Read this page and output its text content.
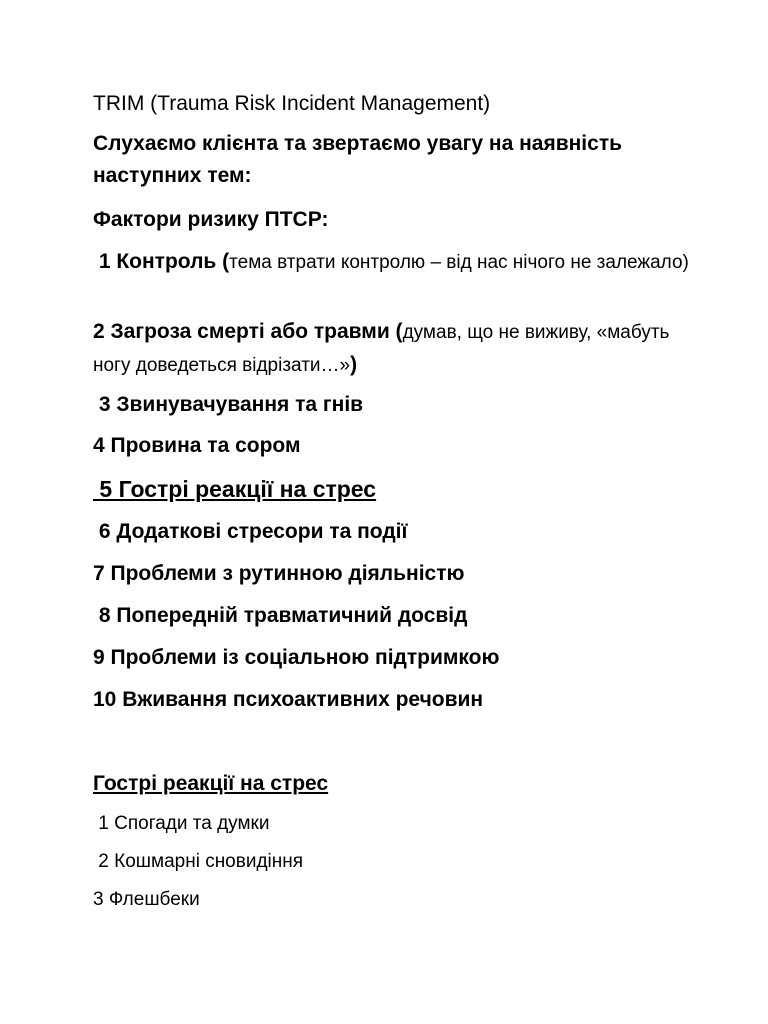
TRIM (Trauma Risk Incident Management)

Слухаємо клієнта та звертаємо увагу на наявність наступних тем:

Фактори ризику ПТСР:

1 Контроль (тема втрати контролю – від нас нічого не залежало)

2 Загроза смерті або травми (думав, що не виживу, «мабуть ногу доведеться відрізати…»)

3 Звинувачування та гнів

4 Провина та сором

5 Гострі реакції на стрес

6 Додаткові стресори та події

7 Проблеми з рутинною діяльністю

8 Попередній травматичний досвід

9 Проблеми із соціальною підтримкою

10 Вживання психоактивних речовин

Гострі реакції на стрес

1 Спогади та думки

2 Кошмарні сновидіння

3 Флешбеки
